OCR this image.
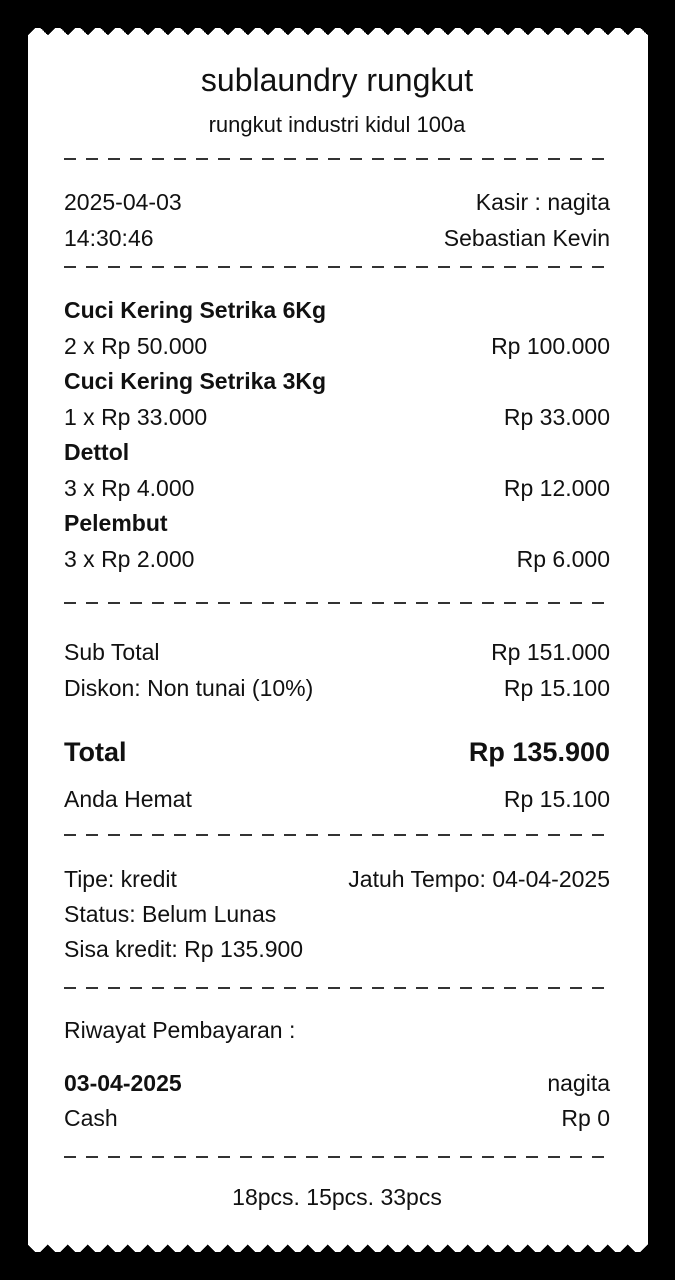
sublaundry rungkut
rungkut industri kidul 100a
2025-04-03	Kasir : nagita
14:30:46	Sebastian Kevin
Cuci Kering Setrika 6Kg
2 x Rp 50.000	Rp 100.000
Cuci Kering Setrika 3Kg
1 x Rp 33.000	Rp 33.000
Dettol
3 x Rp 4.000	Rp 12.000
Pelembut
3 x Rp 2.000	Rp 6.000
Sub Total	Rp 151.000
Diskon: Non tunai (10%)	Rp 15.100
Total	Rp 135.900
Anda Hemat	Rp 15.100
Tipe: kredit	Jatuh Tempo: 04-04-2025
Status: Belum Lunas
Sisa kredit: Rp 135.900
Riwayat Pembayaran :
03-04-2025	nagita
Cash	Rp 0
18pcs. 15pcs. 33pcs
